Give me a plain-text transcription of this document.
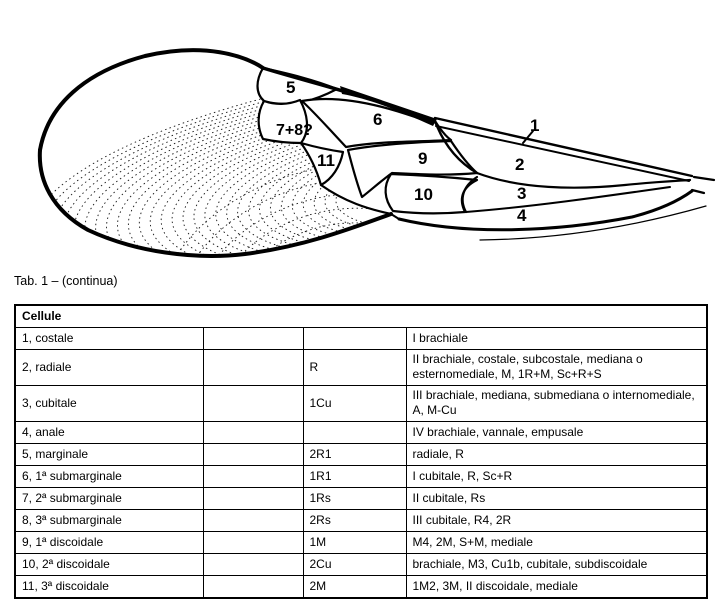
5
6
7+8?
11	9
10
1
2
3
4
Tab. 1 – (continua)
Cellule			
1, costale			I brachiale
2, radiale		R	II brachiale, costale, subcostale, mediana o esternomediale, M, 1R+M, Sc+R+S
3, cubitale		1Cu	III brachiale, mediana, submediana o internomediale, A, M-Cu
4, anale			IV brachiale, vannale, empusale
5, marginale		2R1	radiale, R
6, 1ª submarginale		1R1	I cubitale, R, Sc+R
7, 2ª submarginale		1Rs	II cubitale, Rs
8, 3ª submarginale		2Rs	III cubitale, R4, 2R
9, 1ª discoidale		1M	M4, 2M, S+M, mediale
10, 2ª discoidale		2Cu	brachiale, M3, Cu1b, cubitale, subdiscoidale
11, 3ª discoidale		2M	1M2, 3M, II discoidale, mediale
